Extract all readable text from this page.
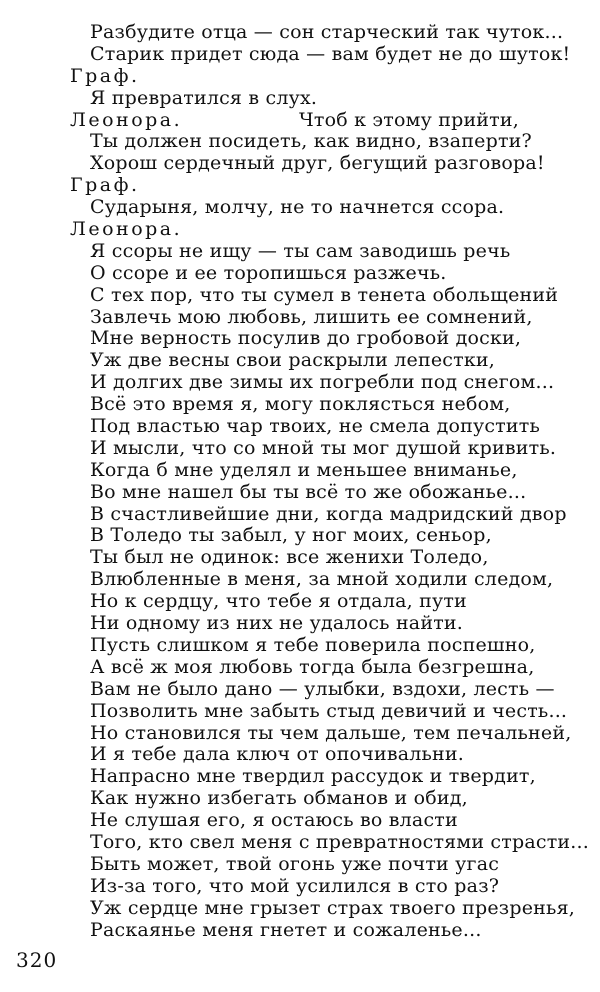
Разбудите отца — сон старческий так чуток...
Старик придет сюда — вам будет не до шуток!
Граф.
Я превратился в слух.
Леонора.	Чтоб к этому прийти,
Ты должен посидеть, как видно, взаперти?
Хорош сердечный друг, бегущий разговора!
Граф.
Сударыня, молчу, не то начнется ссора.
Леонора.
Я ссоры не ищу — ты сам заводишь речь
О ссоре и ее торопишься разжечь.
С тех пор, что ты сумел в тенета обольщений
Завлечь мою любовь, лишить ее сомнений,
Мне верность посулив до гробовой доски,
Уж две весны свои раскрыли лепестки,
И долгих две зимы их погребли под снегом...
Всё это время я, могу поклясться небом,
Под властью чар твоих, не смела допустить
И мысли, что со мной ты мог душой кривить.
Когда б мне уделял и меньшее вниманье,
Во мне нашел бы ты всё то же обожанье...
В счастливейшие дни, когда мадридский двор
В Толедо ты забыл, у ног моих, сеньор,
Ты был не одинок: все женихи Толедо,
Влюбленные в меня, за мной ходили следом,
Но к сердцу, что тебе я отдала, пути
Ни одному из них не удалось найти.
Пусть слишком я тебе поверила поспешно,
А всё ж моя любовь тогда была безгрешна,
Вам не было дано — улыбки, вздохи, лесть —
Позволить мне забыть стыд девичий и честь...
Но становился ты чем дальше, тем печальней,
И я тебе дала ключ от опочивальни.
Напрасно мне твердил рассудок и твердит,
Как нужно избегать обманов и обид,
Не слушая его, я остаюсь во власти
Того, кто свел меня с превратностями страсти...
Быть может, твой огонь уже почти угас
Из-за того, что мой усилился в сто раз?
Уж сердце мне грызет страх твоего презренья,
Раскаянье меня гнетет и сожаленье...
320
